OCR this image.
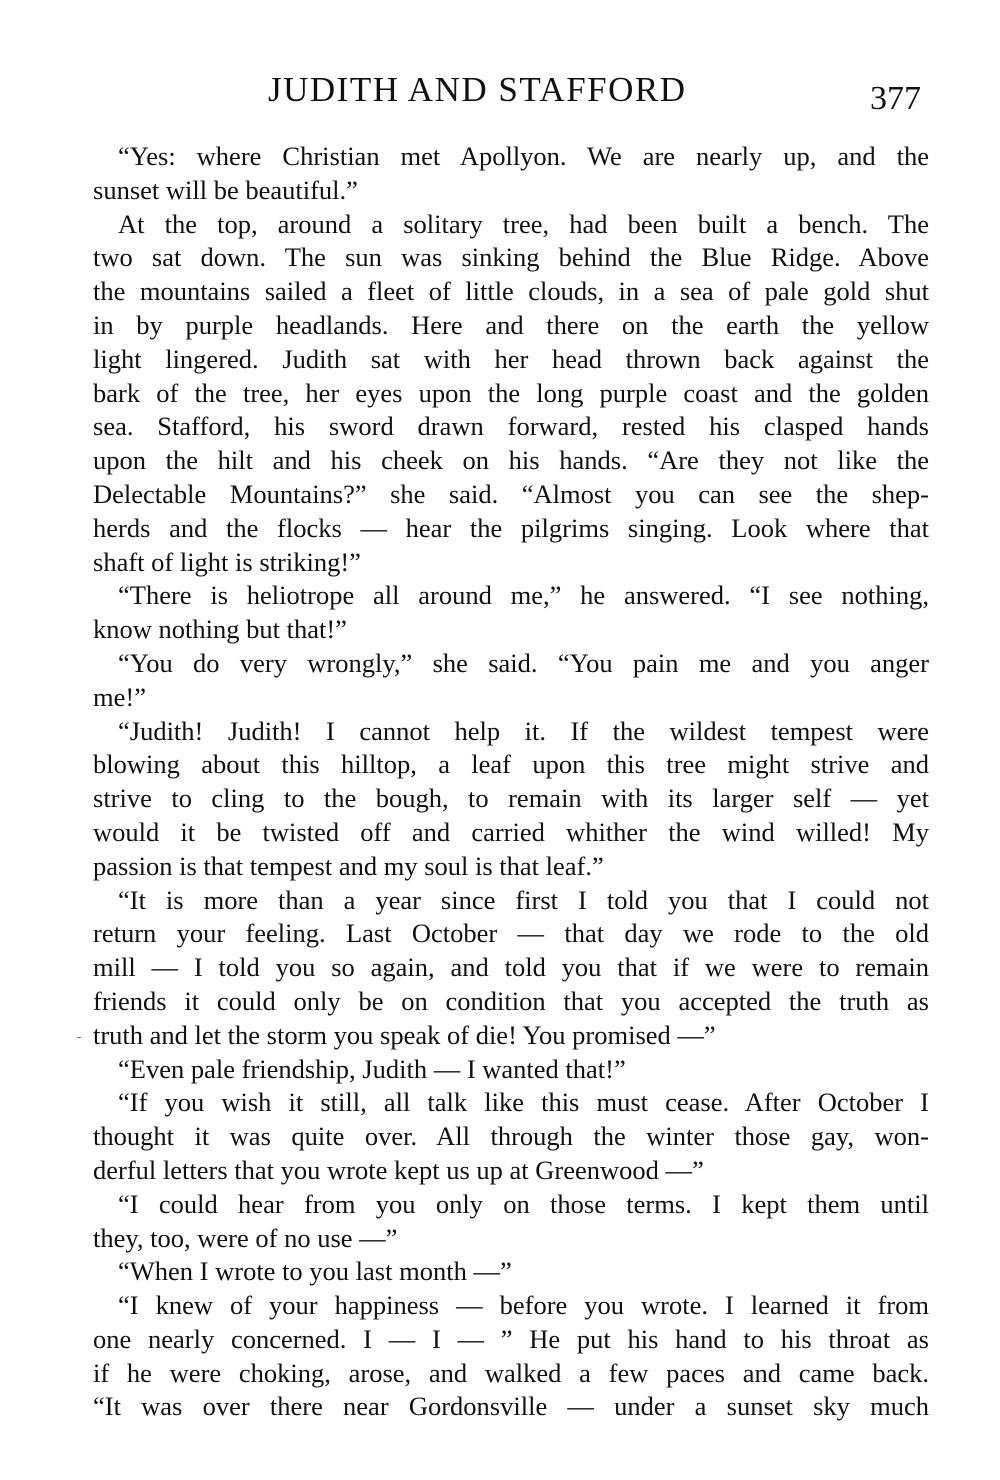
JUDITH AND STAFFORD	377
“Yes: where Christian met Apollyon. We are nearly up, and the
sunset will be beautiful.”
At the top, around a solitary tree, had been built a bench. The
two sat down. The sun was sinking behind the Blue Ridge. Above
the mountains sailed a fleet of little clouds, in a sea of pale gold shut
in by purple headlands. Here and there on the earth the yellow
light lingered. Judith sat with her head thrown back against the
bark of the tree, her eyes upon the long purple coast and the golden
sea. Stafford, his sword drawn forward, rested his clasped hands
upon the hilt and his cheek on his hands. “Are they not like the
Delectable Mountains?” she said. “Almost you can see the shep-
herds and the flocks — hear the pilgrims singing. Look where that
shaft of light is striking!”
“There is heliotrope all around me,” he answered. “I see nothing,
know nothing but that!”
“You do very wrongly,” she said. “You pain me and you anger
me!”
“Judith! Judith! I cannot help it. If the wildest tempest were
blowing about this hilltop, a leaf upon this tree might strive and
strive to cling to the bough, to remain with its larger self — yet
would it be twisted off and carried whither the wind willed! My
passion is that tempest and my soul is that leaf.”
“It is more than a year since first I told you that I could not
return your feeling. Last October — that day we rode to the old
mill — I told you so again, and told you that if we were to remain
friends it could only be on condition that you accepted the truth as
truth and let the storm you speak of die! You promised —”
“Even pale friendship, Judith — I wanted that!”
“If you wish it still, all talk like this must cease. After October I
thought it was quite over. All through the winter those gay, won-
derful letters that you wrote kept us up at Greenwood —”
“I could hear from you only on those terms. I kept them until
they, too, were of no use —”
“When I wrote to you last month —”
“I knew of your happiness — before you wrote. I learned it from
one nearly concerned. I — I — ” He put his hand to his throat as
if he were choking, arose, and walked a few paces and came back.
“It was over there near Gordonsville — under a sunset sky much
